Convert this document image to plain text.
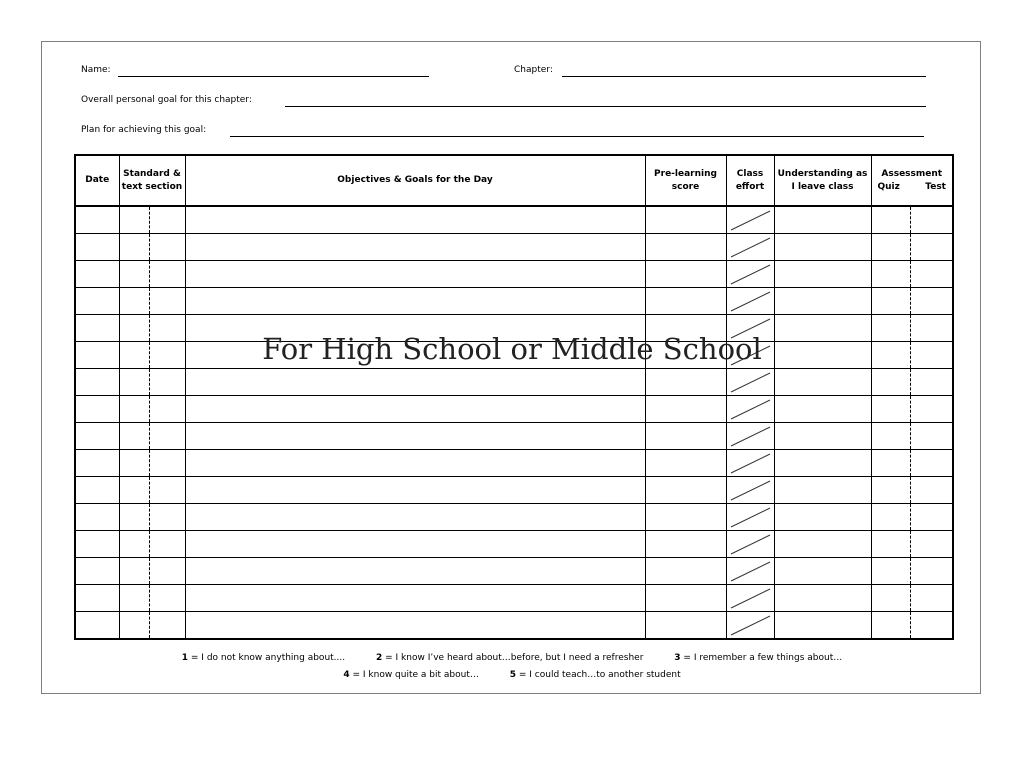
Name:	Chapter:
Overall personal goal for this chapter:
Plan for achieving this goal:
Date	Standard & text section	Objectives & Goals for the Day	Pre-learning score	Class effort	Understanding as I leave class	Assessment
Quiz Test

For High School or Middle School
1 = I do not know anything about....	2 = I know I’ve heard about…before, but I need a refresher	3 = I remember a few things about…
4 = I know quite a bit about…	5 = I could teach…to another student
